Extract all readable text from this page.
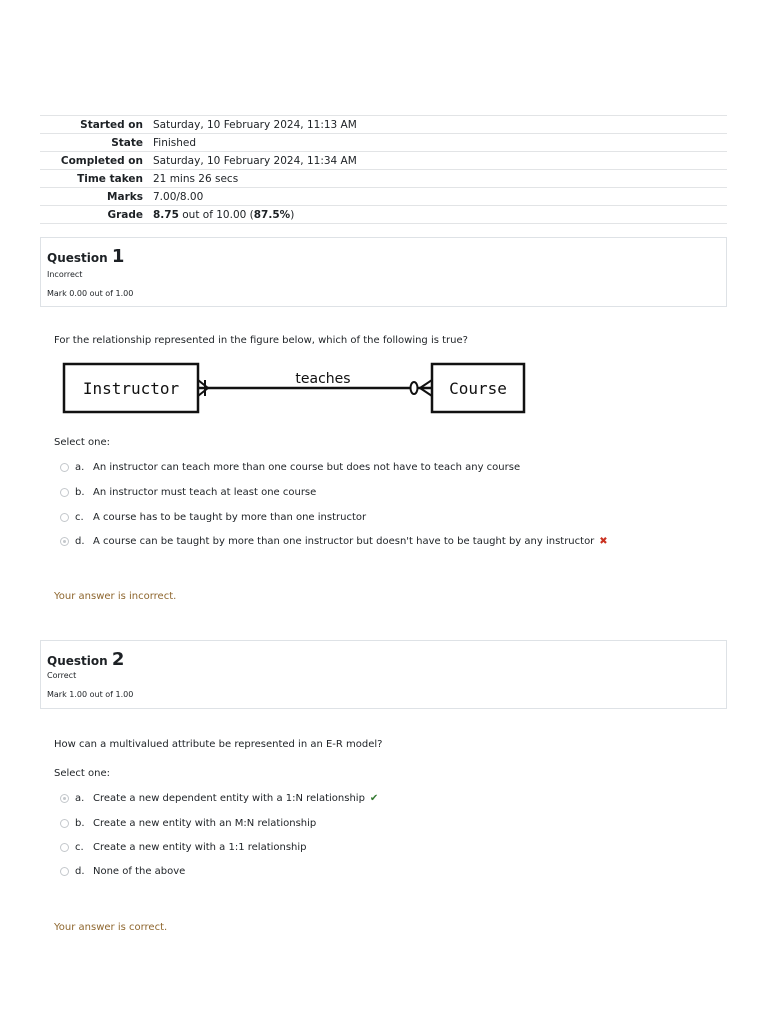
Started on	Saturday, 10 February 2024, 11:13 AM
State	Finished
Completed on	Saturday, 10 February 2024, 11:34 AM
Time taken	21 mins 26 secs
Marks	7.00/8.00
Grade	8.75 out of 10.00 (87.5%)
Question 1
Incorrect
Mark 0.00 out of 1.00
For the relationship represented in the figure below, which of the following is true?
Instructor	Course
teaches
Select one:
a. An instructor can teach more than one course but does not have to teach any course
b. An instructor must teach at least one course
c. A course has to be taught by more than one instructor
d. A course can be taught by more than one instructor but doesn't have to be taught by any instructor ✖
Your answer is incorrect.
Question 2
Correct
Mark 1.00 out of 1.00
How can a multivalued attribute be represented in an E-R model?
Select one:
a. Create a new dependent entity with a 1:N relationship ✔
b. Create a new entity with an M:N relationship
c. Create a new entity with a 1:1 relationship
d. None of the above
Your answer is correct.
